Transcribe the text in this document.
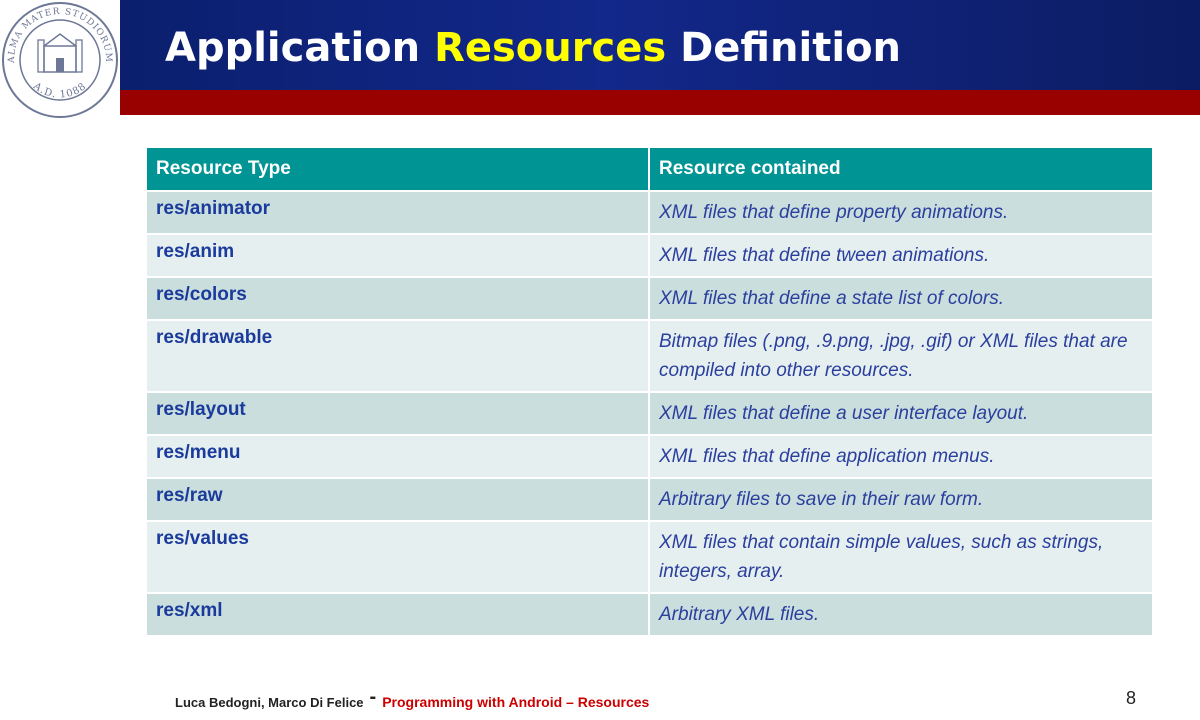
ALMA MATER STUDIORUM
A.D. 1088
Application Resources Definition
Resource Type	Resource contained
res/animator	XML files that define property animations.
res/anim	XML files that define tween animations.
res/colors	XML files that define a state list of colors.
res/drawable	Bitmap files (.png, .9.png, .jpg, .gif) or XML files that are compiled into other resources.
res/layout	XML files that define a user interface layout.
res/menu	XML files that define application menus.
res/raw	Arbitrary files to save in their raw form.
res/values	XML files that contain simple values, such as strings, integers, array.
res/xml	Arbitrary XML files.
Luca Bedogni, Marco Di Felice - Programming with Android – Resources	8
